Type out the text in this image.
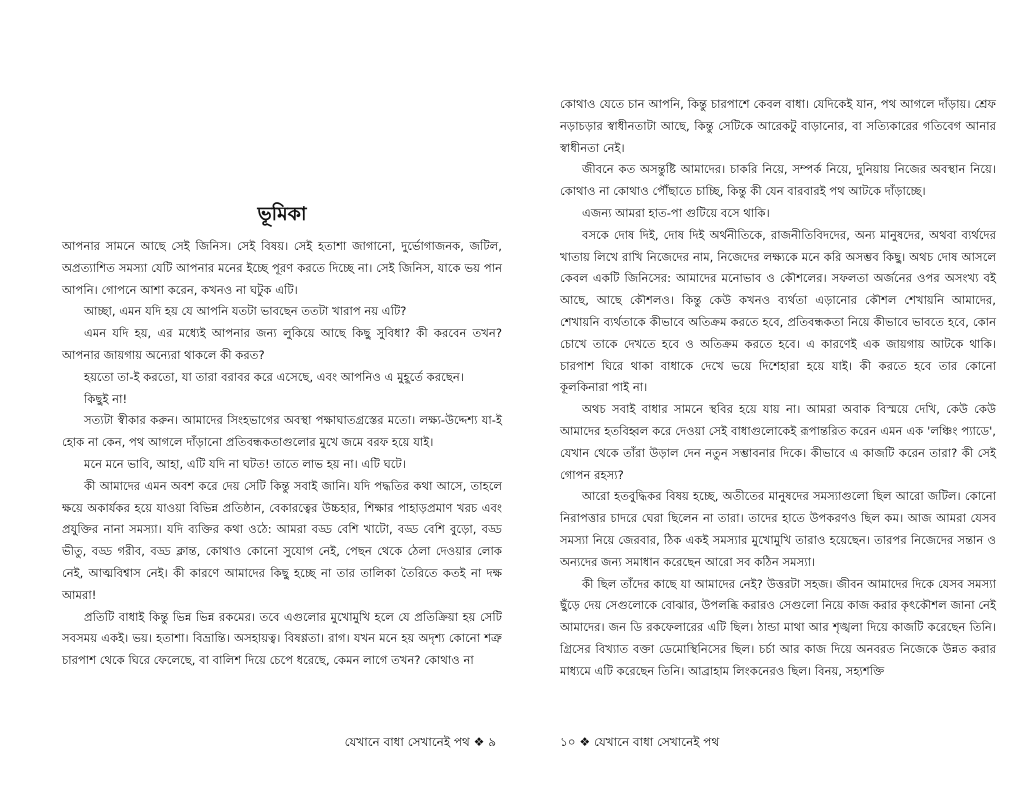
ভূমিকা

আপনার সামনে আছে সেই জিনিস। সেই বিষয়। সেই হতাশা জাগানো, দুর্ভোগাজনক, জটিল, অপ্রত্যাশিত সমস্যা যেটি আপনার মনের ইচ্ছে পূরণ করতে দিচ্ছে না। সেই জিনিস, যাকে ভয় পান আপনি। গোপনে আশা করেন, কখনও না ঘটুক এটি।

আচ্ছা, এমন যদি হয় যে আপনি যতটা ভাবছেন ততটা খারাপ নয় এটি?

এমন যদি হয়, এর মধ্যেই আপনার জন্য লুকিয়ে আছে কিছু সুবিধা? কী করবেন তখন? আপনার জায়গায় অন্যেরা থাকলে কী করত?

হয়তো তা-ই করতো, যা তারা বরাবর করে এসেছে, এবং আপনিও এ মুহূর্তে করছেন।

কিছুই না!

সত্যটা স্বীকার করুন। আমাদের সিংহভাগের অবস্থা পক্ষাঘাতগ্রস্তের মতো। লক্ষ্য-উদ্দেশ্য যা-ই হোক না কেন, পথ আগলে দাঁড়ানো প্রতিবন্ধকতাগুলোর মুখে জমে বরফ হয়ে যাই।

মনে মনে ভাবি, আহা, এটি যদি না ঘটত! তাতে লাভ হয় না। এটি ঘটে।

কী আমাদের এমন অবশ করে দেয় সেটি কিন্তু সবাই জানি। যদি পদ্ধতির কথা আসে, তাহলে ক্ষয়ে অকার্যকর হয়ে যাওয়া বিভিন্ন প্রতিষ্ঠান, বেকারত্বের উচ্চহার, শিক্ষার পাহাড়প্রমাণ খরচ এবং প্রযুক্তির নানা সমস্যা। যদি ব্যক্তির কথা ওঠে: আমরা বড্ড বেশি খাটো, বড্ড বেশি বুড়ো, বড্ড ভীতু, বড্ড গরীব, বড্ড ক্লান্ত, কোথাও কোনো সুযোগ নেই, পেছন থেকে ঠেলা দেওয়ার লোক নেই, আত্মবিশ্বাস নেই। কী কারণে আমাদের কিছু হচ্ছে না তার তালিকা তৈরিতে কতই না দক্ষ আমরা!

প্রতিটি বাধাই কিন্তু ভিন্ন ভিন্ন রকমের। তবে এগুলোর মুখোমুখি হলে যে প্রতিক্রিয়া হয় সেটি সবসময় একই। ভয়। হতাশা। বিভ্রান্তি। অসহায়ত্ব। বিষণ্ণতা। রাগ। যখন মনে হয় অদৃশ্য কোনো শত্রু চারপাশ থেকে ঘিরে ফেলেছে, বা বালিশ দিয়ে চেপে ধরেছে, কেমন লাগে তখন? কোথাও না

যেখানে বাধা সেখানেই পথ ❖ ৯

কোথাও যেতে চান আপনি, কিন্তু চারপাশে কেবল বাধা। যেদিকেই যান, পথ আগলে দাঁড়ায়। শ্রেফ নড়াচড়ার স্বাধীনতাটা আছে, কিন্তু সেটিকে আরেকটু বাড়ানোর, বা সত্যিকারের গতিবেগ আনার স্বাধীনতা নেই।

জীবনে কত অসন্তুষ্টি আমাদের। চাকরি নিয়ে, সম্পর্ক নিয়ে, দুনিয়ায় নিজের অবস্থান নিয়ে। কোথাও না কোথাও পৌঁছাতে চাচ্ছি, কিন্তু কী যেন বারবারই পথ আটকে দাঁড়াচ্ছে।

এজন্য আমরা হাত-পা গুটিয়ে বসে থাকি।

বসকে দোষ দিই, দোষ দিই অর্থনীতিকে, রাজনীতিবিদদের, অন্য মানুষদের, অথবা ব্যর্থদের খাতায় লিখে রাখি নিজেদের নাম, নিজেদের লক্ষ্যকে মনে করি অসম্ভব কিছু। অথচ দোষ আসলে কেবল একটি জিনিসের: আমাদের মনোভাব ও কৌশলের। সফলতা অর্জনের ওপর অসংখ্য বই আছে, আছে কৌশলও। কিন্তু কেউ কখনও ব্যর্থতা এড়ানোর কৌশল শেখায়নি আমাদের, শেখায়নি ব্যর্থতাকে কীভাবে অতিক্রম করতে হবে, প্রতিবন্ধকতা নিয়ে কীভাবে ভাবতে হবে, কোন চোখে তাকে দেখতে হবে ও অতিক্রম করতে হবে। এ কারণেই এক জায়গায় আটকে থাকি। চারপাশ ঘিরে থাকা বাধাকে দেখে ভয়ে দিশেহারা হয়ে যাই। কী করতে হবে তার কোনো কূলকিনারা পাই না।

অথচ সবাই বাধার সামনে স্থবির হয়ে যায় না। আমরা অবাক বিস্ময়ে দেখি, কেউ কেউ আমাদের হতবিহ্বল করে দেওয়া সেই বাধাগুলোকেই রূপান্তরিত করেন এমন এক 'লঞ্চিং প্যাডে', যেখান থেকে তাঁরা উড়াল দেন নতুন সম্ভাবনার দিকে। কীভাবে এ কাজটি করেন তারা? কী সেই গোপন রহস্য?

আরো হতবুদ্ধিকর বিষয় হচ্ছে, অতীতের মানুষদের সমস্যাগুলো ছিল আরো জটিল। কোনো নিরাপত্তার চাদরে ঘেরা ছিলেন না তারা। তাদের হাতে উপকরণও ছিল কম। আজ আমরা যেসব সমস্যা নিয়ে জেরবার, ঠিক একই সমস্যার মুখোমুখি তারাও হয়েছেন। তারপর নিজেদের সন্তান ও অন্যদের জন্য সমাধান করেছেন আরো সব কঠিন সমস্যা।

কী ছিল তাঁদের কাছে যা আমাদের নেই? উত্তরটা সহজ। জীবন আমাদের দিকে যেসব সমস্যা ছুঁড়ে দেয় সেগুলোকে বোঝার, উপলব্ধি করারও সেগুলো নিয়ে কাজ করার কৃৎকৌশল জানা নেই আমাদের। জন ডি রকফেলারের এটি ছিল। ঠান্ডা মাথা আর শৃঙ্খলা দিয়ে কাজটি করেছেন তিনি। গ্রিসের বিখ্যাত বক্তা ডেমোস্থিনিসের ছিল। চর্চা আর কাজ দিয়ে অনবরত নিজেকে উন্নত করার মাধ্যমে এটি করেছেন তিনি। আব্রাহাম লিংকনেরও ছিল। বিনয়, সহ্যশক্তি

১০ ❖ যেখানে বাধা সেখানেই পথ
